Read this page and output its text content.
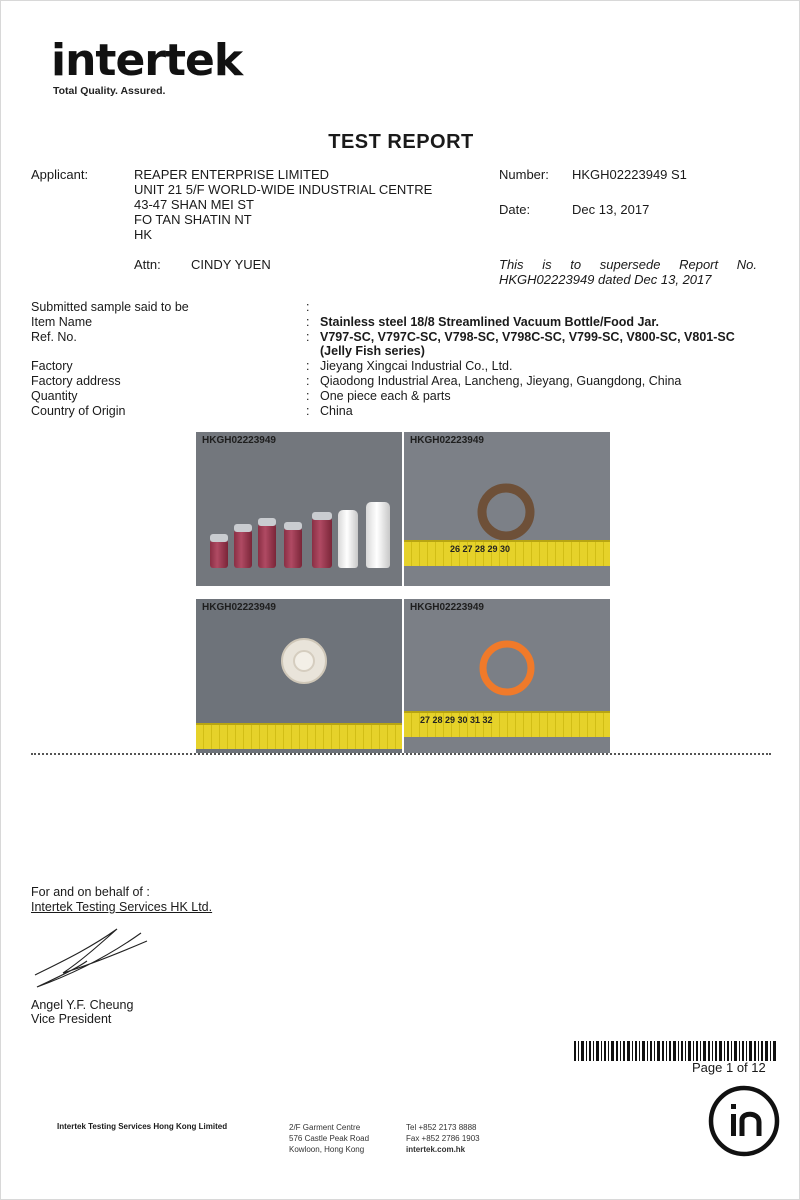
intertek
Total Quality. Assured.
TEST REPORT
Applicant:	REAPER ENTERPRISE LIMITED
UNIT 21 5/F WORLD-WIDE INDUSTRIAL CENTRE
43-47 SHAN MEI ST
FO TAN SHATIN NT
HK
Attn: CINDY YUEN
Number: HKGH02223949 S1
Date:	Dec 13, 2017
This is to supersede Report No.
HKGH02223949 dated Dec 13, 2017
Submitted sample said to be	:
Item Name	: Stainless steel 18/8 Streamlined Vacuum Bottle/Food Jar.
Ref. No.	: V797-SC, V797C-SC, V798-SC, V798C-SC, V799-SC, V800-SC, V801-SC (Jelly Fish series)
Factory	: Jieyang Xingcai Industrial Co., Ltd.
Factory address	: Qiaodong Industrial Area, Lancheng, Jieyang, Guangdong, China
Quantity	: One piece each & parts
Country of Origin	: China
HKGH02223949
26 27 28 29 30
HKGH02223949
HKGH02223949
27 28 29 30 31 32
HKGH02223949
For and on behalf of :
Intertek Testing Services HK Ltd.
Angel Y.F. Cheung
Vice President
Page 1 of 12
Intertek Testing Services Hong Kong Limited	2/F Garment Centre
576 Castle Peak Road
Kowloon, Hong Kong
Tel +852 2173 8888
Fax +852 2786 1903
intertek.com.hk
